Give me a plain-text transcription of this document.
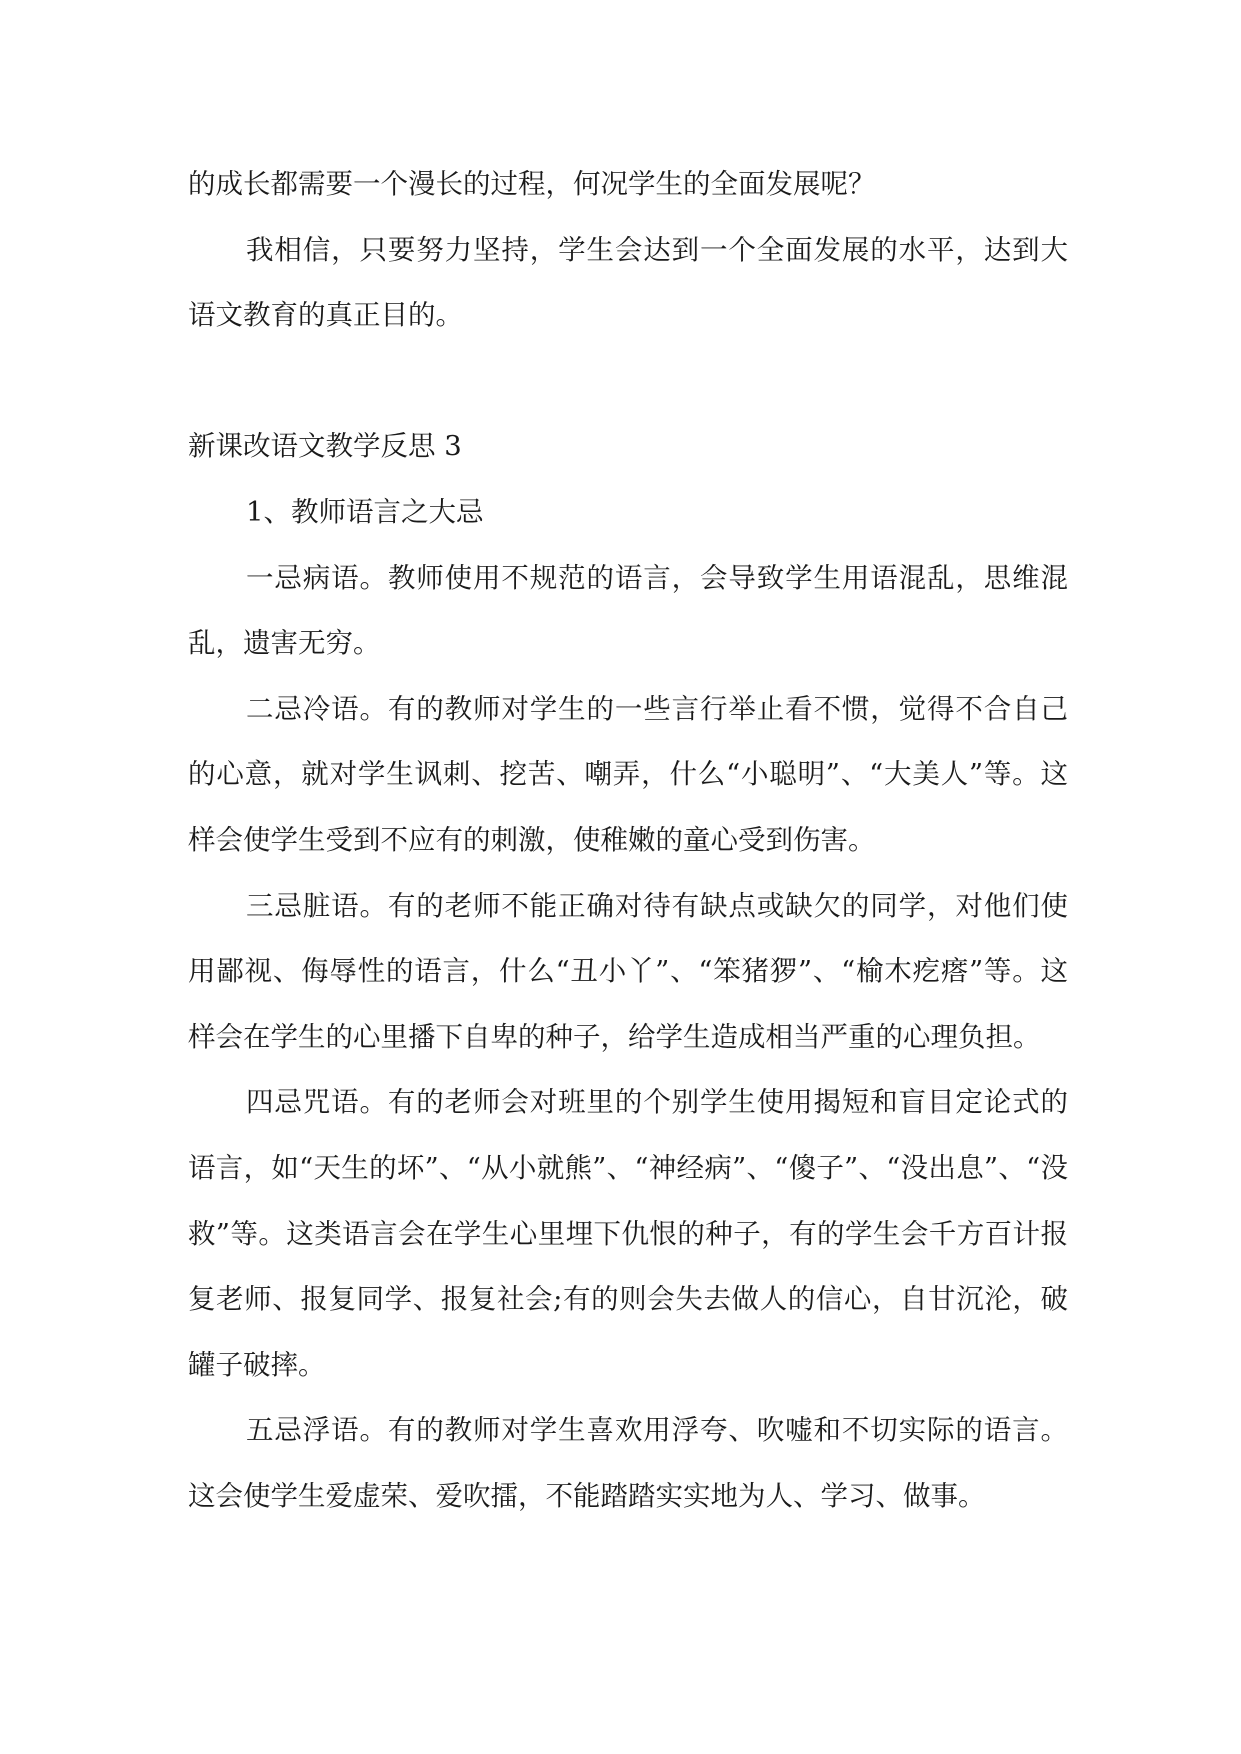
的成长都需要一个漫长的过程，何况学生的全面发展呢？

我相信，只要努力坚持，学生会达到一个全面发展的水平，达到大语文教育的真正目的。

新课改语文教学反思 3

1、教师语言之大忌

一忌病语。教师使用不规范的语言，会导致学生用语混乱，思维混乱，遗害无穷。

二忌冷语。有的教师对学生的一些言行举止看不惯，觉得不合自己的心意，就对学生讽刺、挖苦、嘲弄，什么“小聪明”、“大美人”等。这样会使学生受到不应有的刺激，使稚嫩的童心受到伤害。

三忌脏语。有的老师不能正确对待有缺点或缺欠的同学，对他们使用鄙视、侮辱性的语言，什么“丑小丫”、“笨猪猡”、“榆木疙瘩”等。这样会在学生的心里播下自卑的种子，给学生造成相当严重的心理负担。

四忌咒语。有的老师会对班里的个别学生使用揭短和盲目定论式的语言，如“天生的坏”、“从小就熊”、“神经病”、“傻子”、“没出息”、“没救”等。这类语言会在学生心里埋下仇恨的种子，有的学生会千方百计报复老师、报复同学、报复社会;有的则会失去做人的信心，自甘沉沦，破罐子破摔。

五忌浮语。有的教师对学生喜欢用浮夸、吹嘘和不切实际的语言。这会使学生爱虚荣、爱吹擂，不能踏踏实实地为人、学习、做事。
